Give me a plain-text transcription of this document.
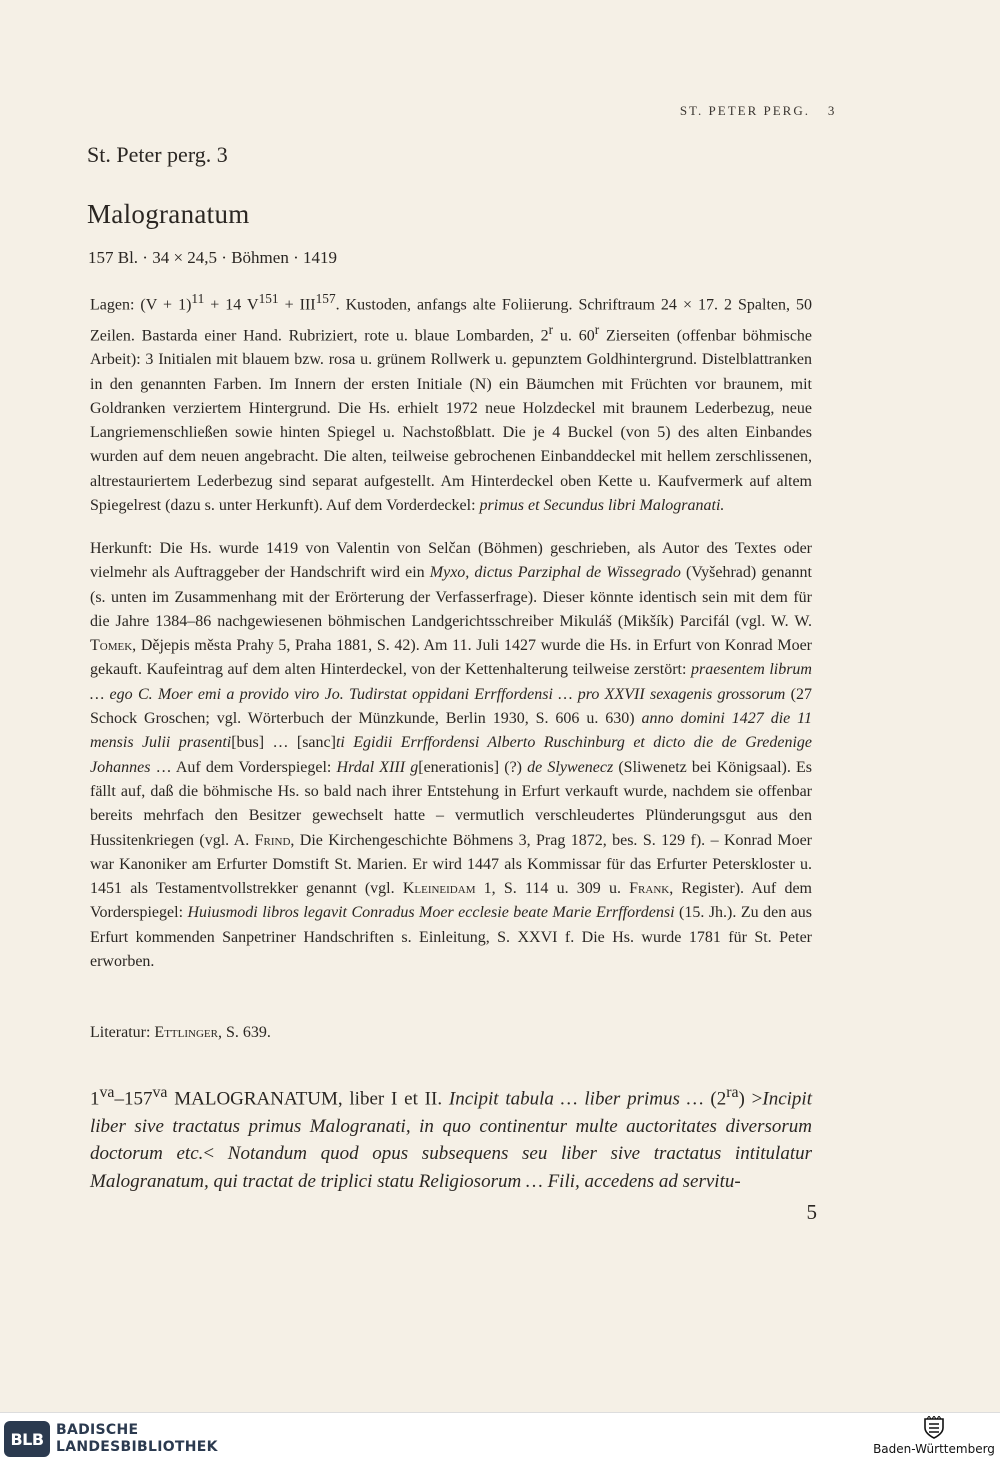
ST. PETER PERG. 3
St. Peter perg. 3
Malogranatum
157 Bl. · 34 × 24,5 · Böhmen · 1419
Lagen: $(V + 1)^{11} + 14$ $V^{151} + III^{157}$. Kustoden, anfangs alte Foliierung. Schriftraum 24 × 17. 2 Spalten, 50 Zeilen. Bastarda einer Hand. Rubriziert, rote u. blaue Lombarden, 2$^r$ u. 60$^r$ Zierseiten (offenbar böhmische Arbeit): 3 Initialen mit blauem bzw. rosa u. grünem Rollwerk u. gepunztem Goldhintergrund. Distelblattranken in den genannten Farben. Im Innern der ersten Initiale (N) ein Bäumchen mit Früchten vor braunem, mit Goldranken verziertem Hintergrund. Die Hs. erhielt 1972 neue Holzdeckel mit braunem Lederbezug, neue Langriemenschließen sowie hinten Spiegel u. Nachstoßblatt. Die je 4 Buckel (von 5) des alten Einbandes wurden auf dem neuen angebracht. Die alten, teilweise gebrochenen Einbanddeckel mit hellem zerschlissenen, altrestauriertem Lederbezug sind separat aufgestellt. Am Hinterdeckel oben Kette u. Kaufvermerk auf altem Spiegelrest (dazu s. unter Herkunft). Auf dem Vorderdeckel: primus et Secundus libri Malogranati.
Herkunft: Die Hs. wurde 1419 von Valentin von Selčan (Böhmen) geschrieben, als Autor des Textes oder vielmehr als Auftraggeber der Handschrift wird ein Myxo, dictus Parziphal de Wissegrado (Vyšehrad) genannt (s. unten im Zusammenhang mit der Erörterung der Verfasserfrage). Dieser könnte identisch sein mit dem für die Jahre 1384–86 nachgewiesenen böhmischen Landgerichtsschreiber Mikuláš (Mikšík) Parcifál (vgl. W. W. Tomek, Dějepis města Prahy 5, Praha 1881, S. 42). Am 11. Juli 1427 wurde die Hs. in Erfurt von Konrad Moer gekauft. Kaufeintrag auf dem alten Hinterdeckel, von der Kettenhalterung teilweise zerstört: praesentem librum … ego C. Moer emi a provido viro Jo. Tudirstat oppidani Errffordensi … pro XXVII sexagenis grossorum (27 Schock Groschen; vgl. Wörterbuch der Münzkunde, Berlin 1930, S. 606 u. 630) anno domini 1427 die 11 mensis Julii prasenti[bus] … [sanc]ti Egidii Errffordensi Alberto Ruschinburg et dicto die de Gredenige Johannes … Auf dem Vorderspiegel: Hrdal XIII g[enerationis] (?) de Slywenecz (Sliwenetz bei Königsaal). Es fällt auf, daß die böhmische Hs. so bald nach ihrer Entstehung in Erfurt verkauft wurde, nachdem sie offenbar bereits mehrfach den Besitzer gewechselt hatte – vermutlich verschleudertes Plünderungsgut aus den Hussitenkriegen (vgl. A. Frind, Die Kirchengeschichte Böhmens 3, Prag 1872, bes. S. 129 f). – Konrad Moer war Kanoniker am Erfurter Domstift St. Marien. Er wird 1447 als Kommissar für das Erfurter Peterskloster u. 1451 als Testamentvollstrekker genannt (vgl. Kleineidam 1, S. 114 u. 309 u. Frank, Register). Auf dem Vorderspiegel: Huiusmodi libros legavit Conradus Moer ecclesie beate Marie Errffordensi (15. Jh.). Zu den aus Erfurt kommenden Sanpetriner Handschriften s. Einleitung, S. XXVI f. Die Hs. wurde 1781 für St. Peter erworben.
Literatur: Ettlinger, S. 639.
$1^{va}-157^{va}$ MALOGRANATUM, liber I et II. Incipit tabula … liber primus … $(2^{ra})$ >Incipit liber sive tractatus primus Malogranati, in quo continentur multe auctoritates diversorum doctorum etc.< Notandum quod opus subsequens seu liber sive tractatus intitulatur Malogranatum, qui tractat de triplici statu Religiosorum … Fili, accedens ad servitu-
5
BLB BADISCHE
LANDESBIBLIOTHEK	Baden-Württemberg
